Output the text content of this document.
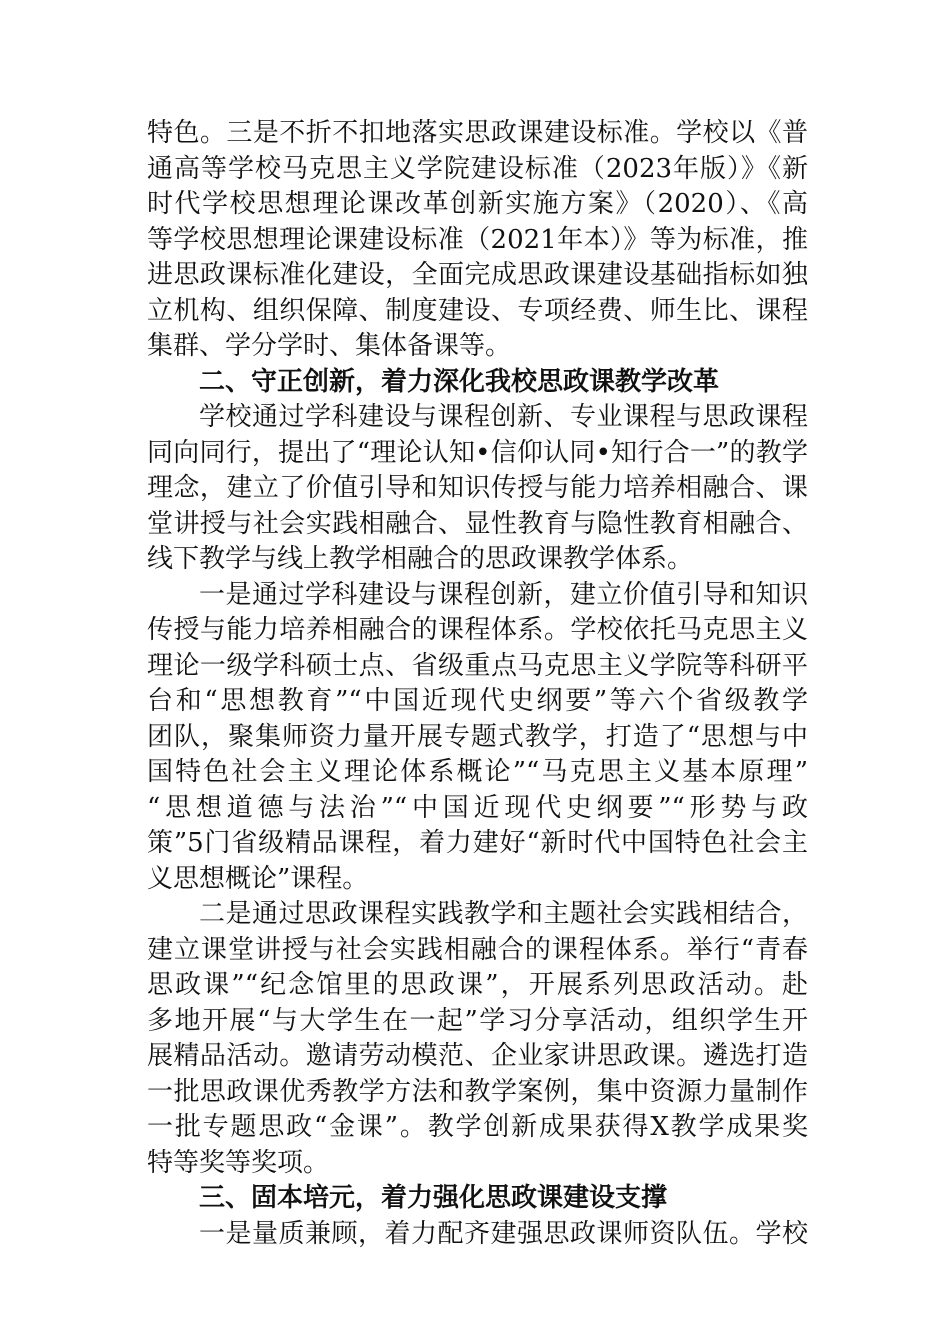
特色。三是不折不扣地落实思政课建设标准。学校以《普
通高等学校马克思主义学院建设标准（2023年版）》《新
时代学校思想理论课改革创新实施方案》（2020）、《高
等学校思想理论课建设标准（2021年本）》等为标准，推
进思政课标准化建设，全面完成思政课建设基础指标如独
立机构、组织保障、制度建设、专项经费、师生比、课程
集群、学分学时、集体备课等。
二、守正创新，着力深化我校思政课教学改革
学校通过学科建设与课程创新、专业课程与思政课程
同向同行，提出了“理论认知•信仰认同•知行合一”的教学
理念，建立了价值引导和知识传授与能力培养相融合、课
堂讲授与社会实践相融合、显性教育与隐性教育相融合、
线下教学与线上教学相融合的思政课教学体系。
一是通过学科建设与课程创新，建立价值引导和知识
传授与能力培养相融合的课程体系。学校依托马克思主义
理论一级学科硕士点、省级重点马克思主义学院等科研平
台和“思想教育”“中国近现代史纲要”等六个省级教学
团队，聚集师资力量开展专题式教学，打造了“思想与中
国特色社会主义理论体系概论”“马克思主义基本原理”
“思想道德与法治”“中国近现代史纲要”“形势与政
策”5门省级精品课程，着力建好“新时代中国特色社会主
义思想概论”课程。
二是通过思政课程实践教学和主题社会实践相结合，
建立课堂讲授与社会实践相融合的课程体系。举行“青春
思政课”“纪念馆里的思政课”，开展系列思政活动。赴
多地开展“与大学生在一起”学习分享活动，组织学生开
展精品活动。邀请劳动模范、企业家讲思政课。遴选打造
一批思政课优秀教学方法和教学案例，集中资源力量制作
一批专题思政“金课”。教学创新成果获得X教学成果奖
特等奖等奖项。
三、固本培元，着力强化思政课建设支撑
一是量质兼顾，着力配齐建强思政课师资队伍。学校
